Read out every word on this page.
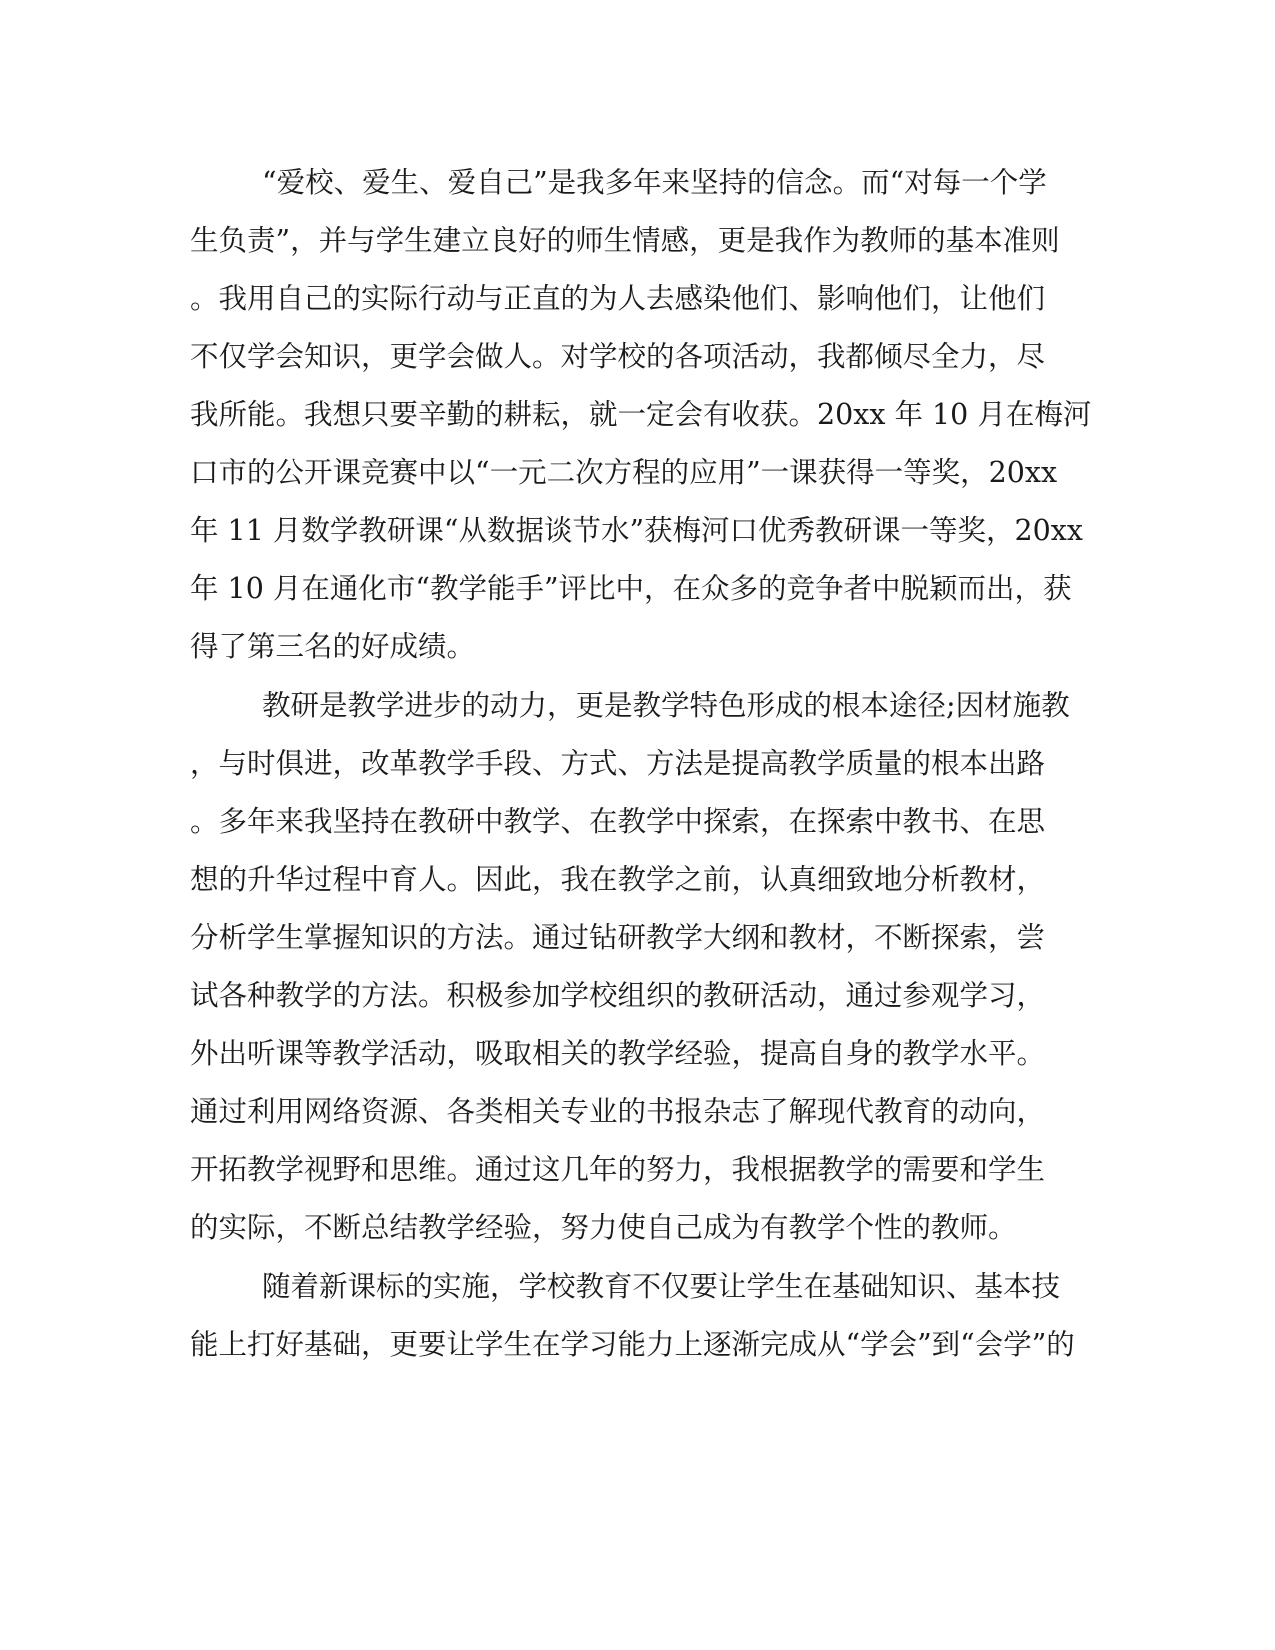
“爱校、爱生、爱自己”是我多年来坚持的信念。而“对每一个学
生负责”，并与学生建立良好的师生情感，更是我作为教师的基本准则
。我用自己的实际行动与正直的为人去感染他们、影响他们，让他们
不仅学会知识，更学会做人。对学校的各项活动，我都倾尽全力，尽
我所能。我想只要辛勤的耕耘，就一定会有收获。20xx 年 10 月在梅河
口市的公开课竞赛中以“一元二次方程的应用”一课获得一等奖，20xx
年 11 月数学教研课“从数据谈节水”获梅河口优秀教研课一等奖，20xx
年 10 月在通化市“教学能手”评比中，在众多的竞争者中脱颖而出，获
得了第三名的好成绩。
教研是教学进步的动力，更是教学特色形成的根本途径;因材施教
，与时俱进，改革教学手段、方式、方法是提高教学质量的根本出路
。多年来我坚持在教研中教学、在教学中探索，在探索中教书、在思
想的升华过程中育人。因此，我在教学之前，认真细致地分析教材，
分析学生掌握知识的方法。通过钻研教学大纲和教材，不断探索，尝
试各种教学的方法。积极参加学校组织的教研活动，通过参观学习，
外出听课等教学活动，吸取相关的教学经验，提高自身的教学水平。
通过利用网络资源、各类相关专业的书报杂志了解现代教育的动向，
开拓教学视野和思维。通过这几年的努力，我根据教学的需要和学生
的实际，不断总结教学经验，努力使自己成为有教学个性的教师。
随着新课标的实施，学校教育不仅要让学生在基础知识、基本技
能上打好基础，更要让学生在学习能力上逐渐完成从“学会”到“会学”的
